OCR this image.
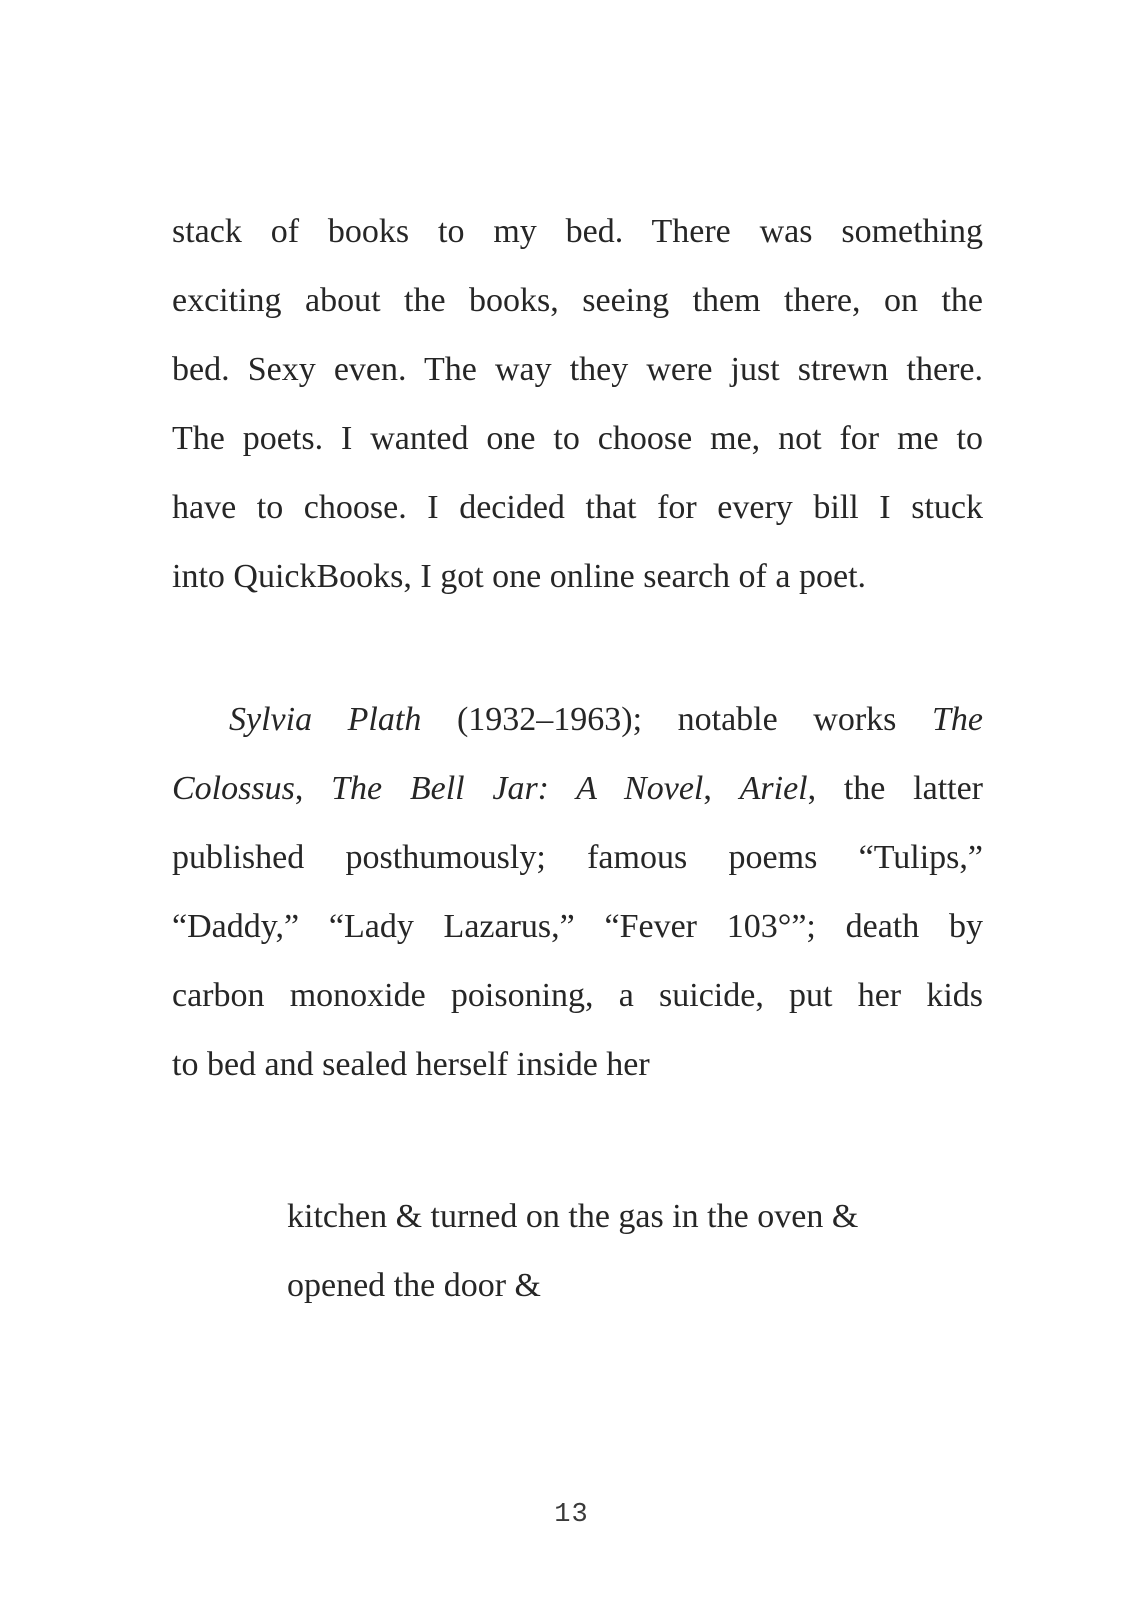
stack of books to my bed. There was something
exciting about the books, seeing them there, on the
bed. Sexy even. The way they were just strewn there.
The poets. I wanted one to choose me, not for me to
have to choose. I decided that for every bill I stuck
into QuickBooks, I got one online search of a poet.
Sylvia Plath (1932–1963); notable works The
Colossus, The Bell Jar: A Novel, Ariel, the latter
published posthumously; famous poems “Tulips,”
“Daddy,” “Lady Lazarus,” “Fever 103°”; death by
carbon monoxide poisoning, a suicide, put her kids
to bed and sealed herself inside her
kitchen & turned on the gas in the oven &
opened the door &
13
